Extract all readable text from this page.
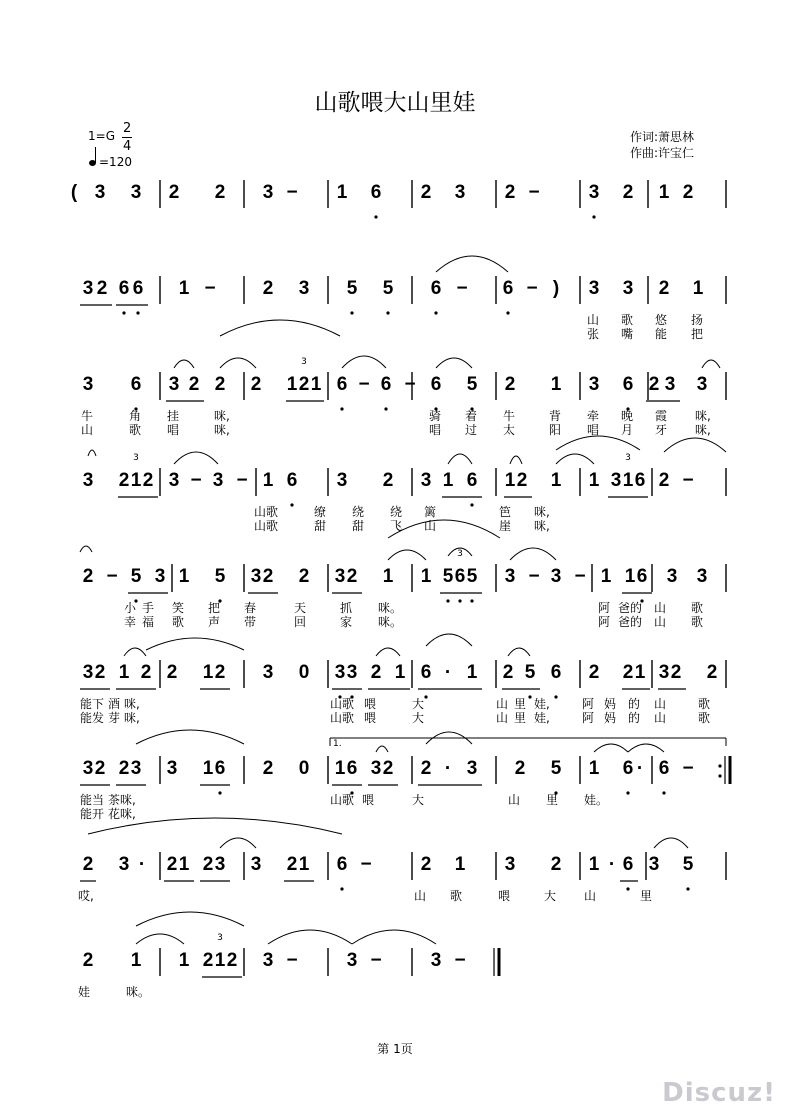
山歌喂大山里娃
1=G 2
4
=120
作词:萧思林
作曲:许宝仁
3
3	3
3
3
( 3 3 2 2 3 − 1 6 2 3 2 −	3 2 1 2
3 2 6 6 1 − 2 3 5 5 6 − 6 − ) 3 3 2 1
山 歌 悠 扬
张 嘴 能 把
3 6 3 2 2 2 1 2 1 6 − 6 − 6 5 2 1 3 6 2 3 3
牛	角 挂	咪,	骑 着 牛	背 牵 晚 霞 咪,
山	歌 唱	咪,	唱 过 太	阳 唱 月 牙 咪,
3 2 1 2 3 − 3 − 1 6 3 2 3 1 6 1 2 1 1 3 1 6 2 −
山歌	缭 绕 绕 篱	笆 咪,
山歌	甜 甜 飞 山	崖 咪,
2 − 5 3 1 5 3 2 2 3 2 1 1 5 6 5 3 − 3 − 1 1 6 3 3
小 手 笑 把 春	天	抓 咪。	阿 爸的 山 歌
幸 福 歌 声 带	回	家 咪。	阿 爸的 山 歌
3 2 1 2 2 1 2 3 0 3 3 2 1 6 · 1 2 5 6 2 2 1 3 2 2
能下 酒 咪,	山歌 喂	大	山 里 娃,	阿 妈 的 山	歌
能发 芽 咪,	山歌 喂	大	山 里 娃,	阿 妈 的 山	歌
3 2 2 3 3 1 6 2 0 1 6 3 2 2 · 3 2 5 1 6 · 6 −
1.
能当 茶咪,	山歌 喂	大	山 里 娃。
能开 花咪,
2 3 · 2 1 2 3 3 2 1 6 −	2 1 3 2 1 · 6 3 5
哎,	山 歌	喂	大 山	里
2 1 1 2 1 2 3 −	3 −	3 −
娃	咪。
第 1页
Discuz!
